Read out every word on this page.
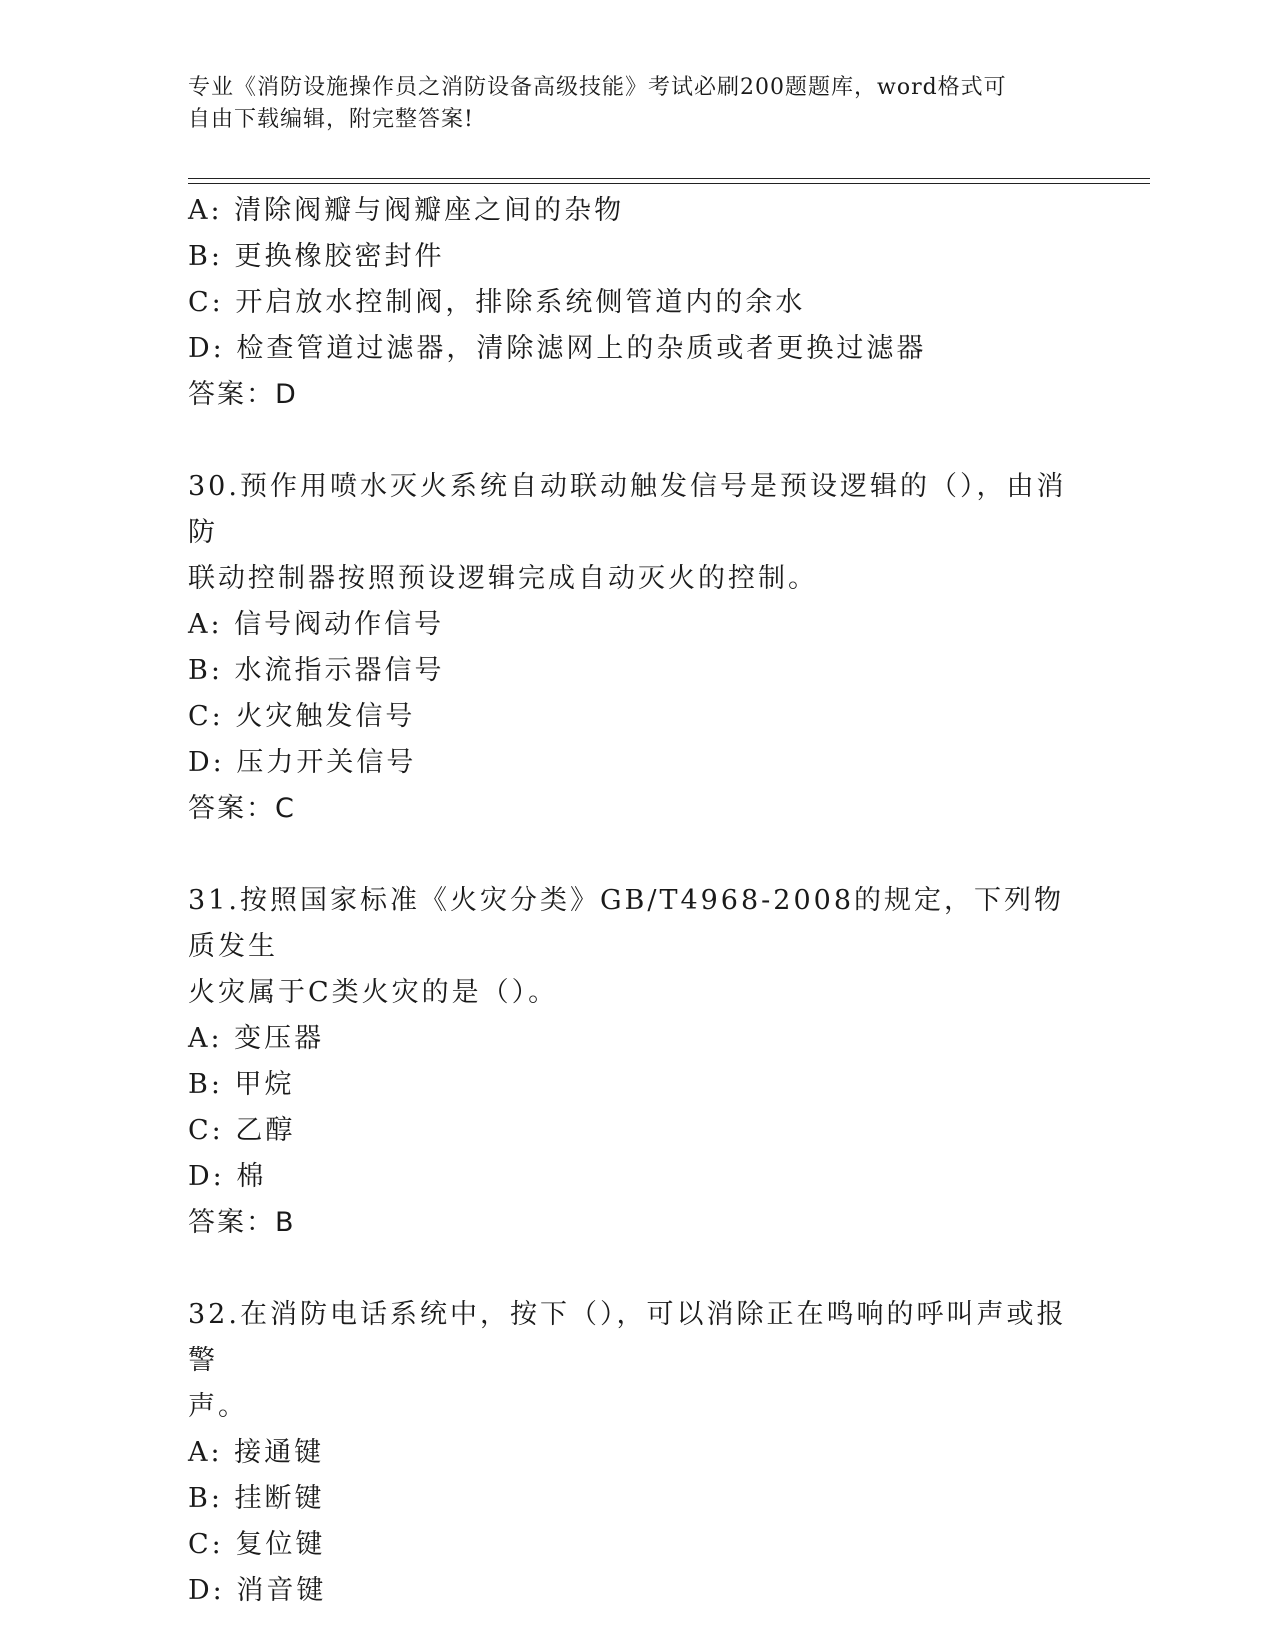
专业《消防设施操作员之消防设备高级技能》考试必刷200题题库，word格式可
自由下载编辑，附完整答案!
A: 清除阀瓣与阀瓣座之间的杂物
B: 更换橡胶密封件
C: 开启放水控制阀，排除系统侧管道内的余水
D: 检查管道过滤器，清除滤网上的杂质或者更换过滤器
答案：D
30.预作用喷水灭火系统自动联动触发信号是预设逻辑的（），由消防
联动控制器按照预设逻辑完成自动灭火的控制。
A: 信号阀动作信号
B: 水流指示器信号
C: 火灾触发信号
D: 压力开关信号
答案：C
31.按照国家标准《火灾分类》GB/T4968-2008的规定，下列物质发生
火灾属于C类火灾的是（）。
A: 变压器
B: 甲烷
C: 乙醇
D: 棉
答案：B
32.在消防电话系统中，按下（），可以消除正在鸣响的呼叫声或报警
声。
A: 接通键
B: 挂断键
C: 复位键
D: 消音键
